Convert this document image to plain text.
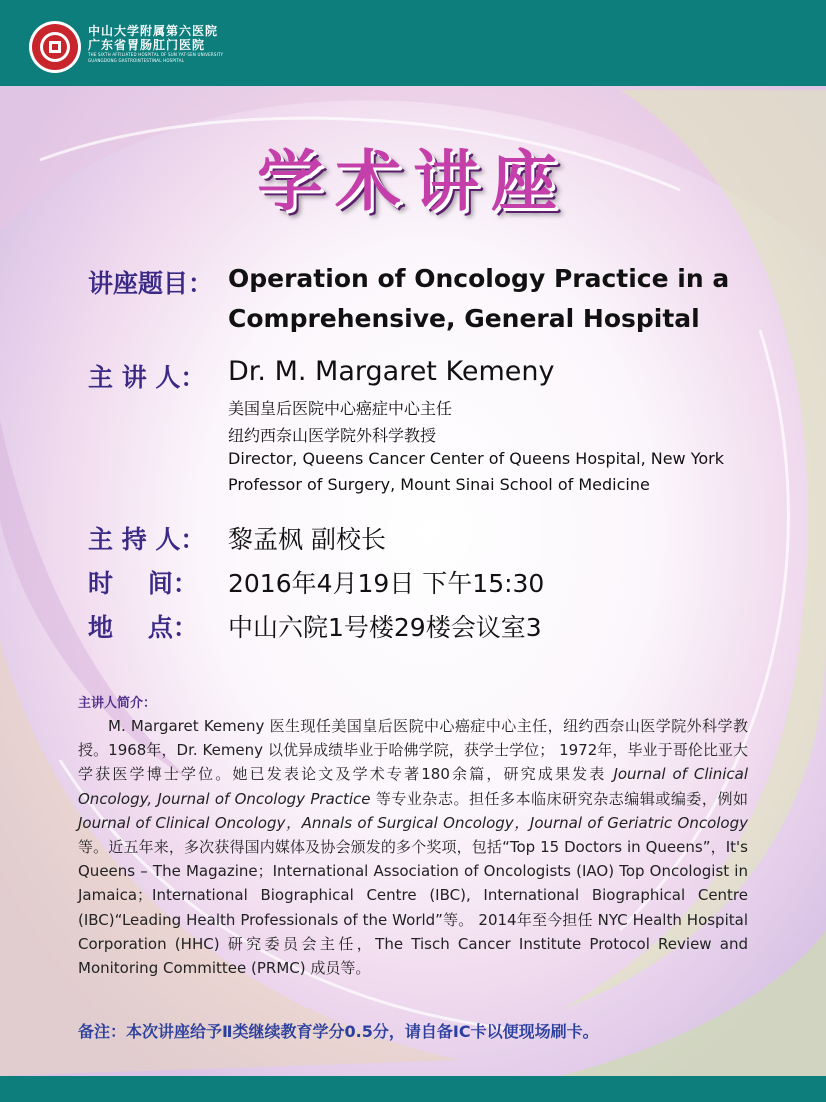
中山大学附属第六医院
广东省胃肠肛门医院
THE SIXTH AFFILIATED HOSPITAL OF SUN YAT-SEN UNIVERSITY
GUANGDONG GASTROINTESTINAL HOSPITAL
学术讲座
讲座题目： Operation of Oncology Practice in a
Comprehensive, General Hospital
主 讲 人： Dr. M. Margaret Kemeny
美国皇后医院中心癌症中心主任
纽约西奈山医学院外科学教授
Director, Queens Cancer Center of Queens Hospital, New York
Professor of Surgery, Mount Sinai School of Medicine
主 持 人： 黎孟枫 副校长
时    间：	2016年4月19日 下午15:30
地    点：	中山六院1号楼29楼会议室3
主讲人简介：

M. Margaret Kemeny 医生现任美国皇后医院中心癌症中心主任，纽约西奈山医学院外科学教授。1968年，Dr. Kemeny 以优异成绩毕业于哈佛学院，获学士学位； 1972年，毕业于哥伦比亚大学获医学博士学位。她已发表论文及学术专著180余篇，研究成果发表 Journal of Clinical Oncology, Journal of Oncology Practice 等专业杂志。担任多本临床研究杂志编辑或编委，例如 Journal of Clinical Oncology，Annals of Surgical Oncology，Journal of Geriatric Oncology 等。近五年来，多次获得国内媒体及协会颁发的多个奖项，包括“Top 15 Doctors in Queens”，It's Queens – The Magazine；International Association of Oncologists (IAO) Top Oncologist in Jamaica；International Biographical Centre (IBC), International Biographical Centre (IBC)“Leading Health Professionals of the World”等。 2014年至今担任 NYC Health Hospital Corporation (HHC) 研究委员会主任，The Tisch Cancer Institute Protocol Review and Monitoring Committee (PRMC) 成员等。

备注：本次讲座给予Ⅱ类继续教育学分0.5分，请自备IC卡以便现场刷卡。
